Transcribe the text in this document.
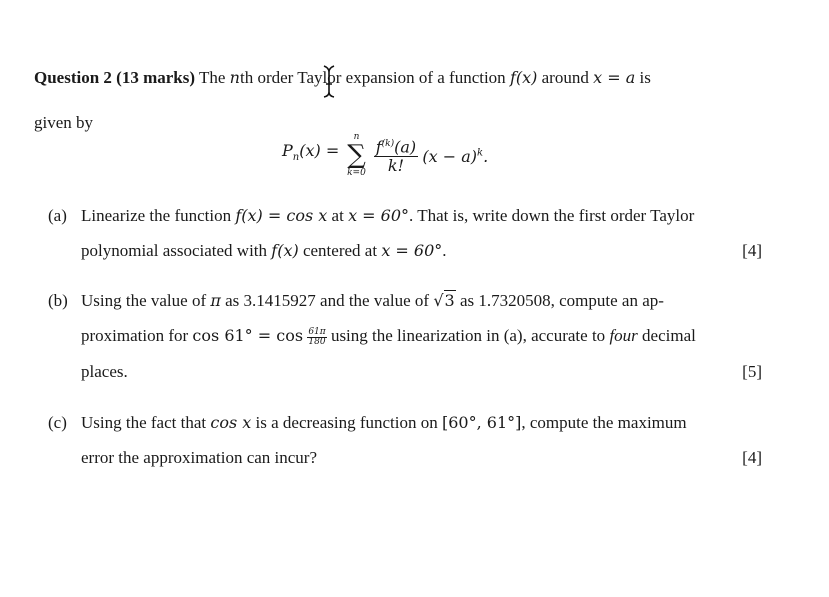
Question 2 (13 marks) The nth order Taylor expansion of a function f(x) around x = a is
given by
$P_n(x)$ =
n
∑
k=0
$\frac{f^{(k)}(a)}{k!} (x - a)^k$.
(a) Linearize the function f(x) = cos x at x = 60°. That is, write down the first order Taylor
polynomial associated with f(x) centered at x = 60°.	[4]
(b) Using the value of π as 3.1415927 and the value of √3 as 1.7320508, compute an ap-
proximation for $\cos 61^\circ = \cos \frac{61\pi}{180}$ using the linearization in (a), accurate to four decimal
places.	[5]
(c) Using the fact that cos x is a decreasing function on [60°, 61°], compute the maximum
error the approximation can incur?	[4]
